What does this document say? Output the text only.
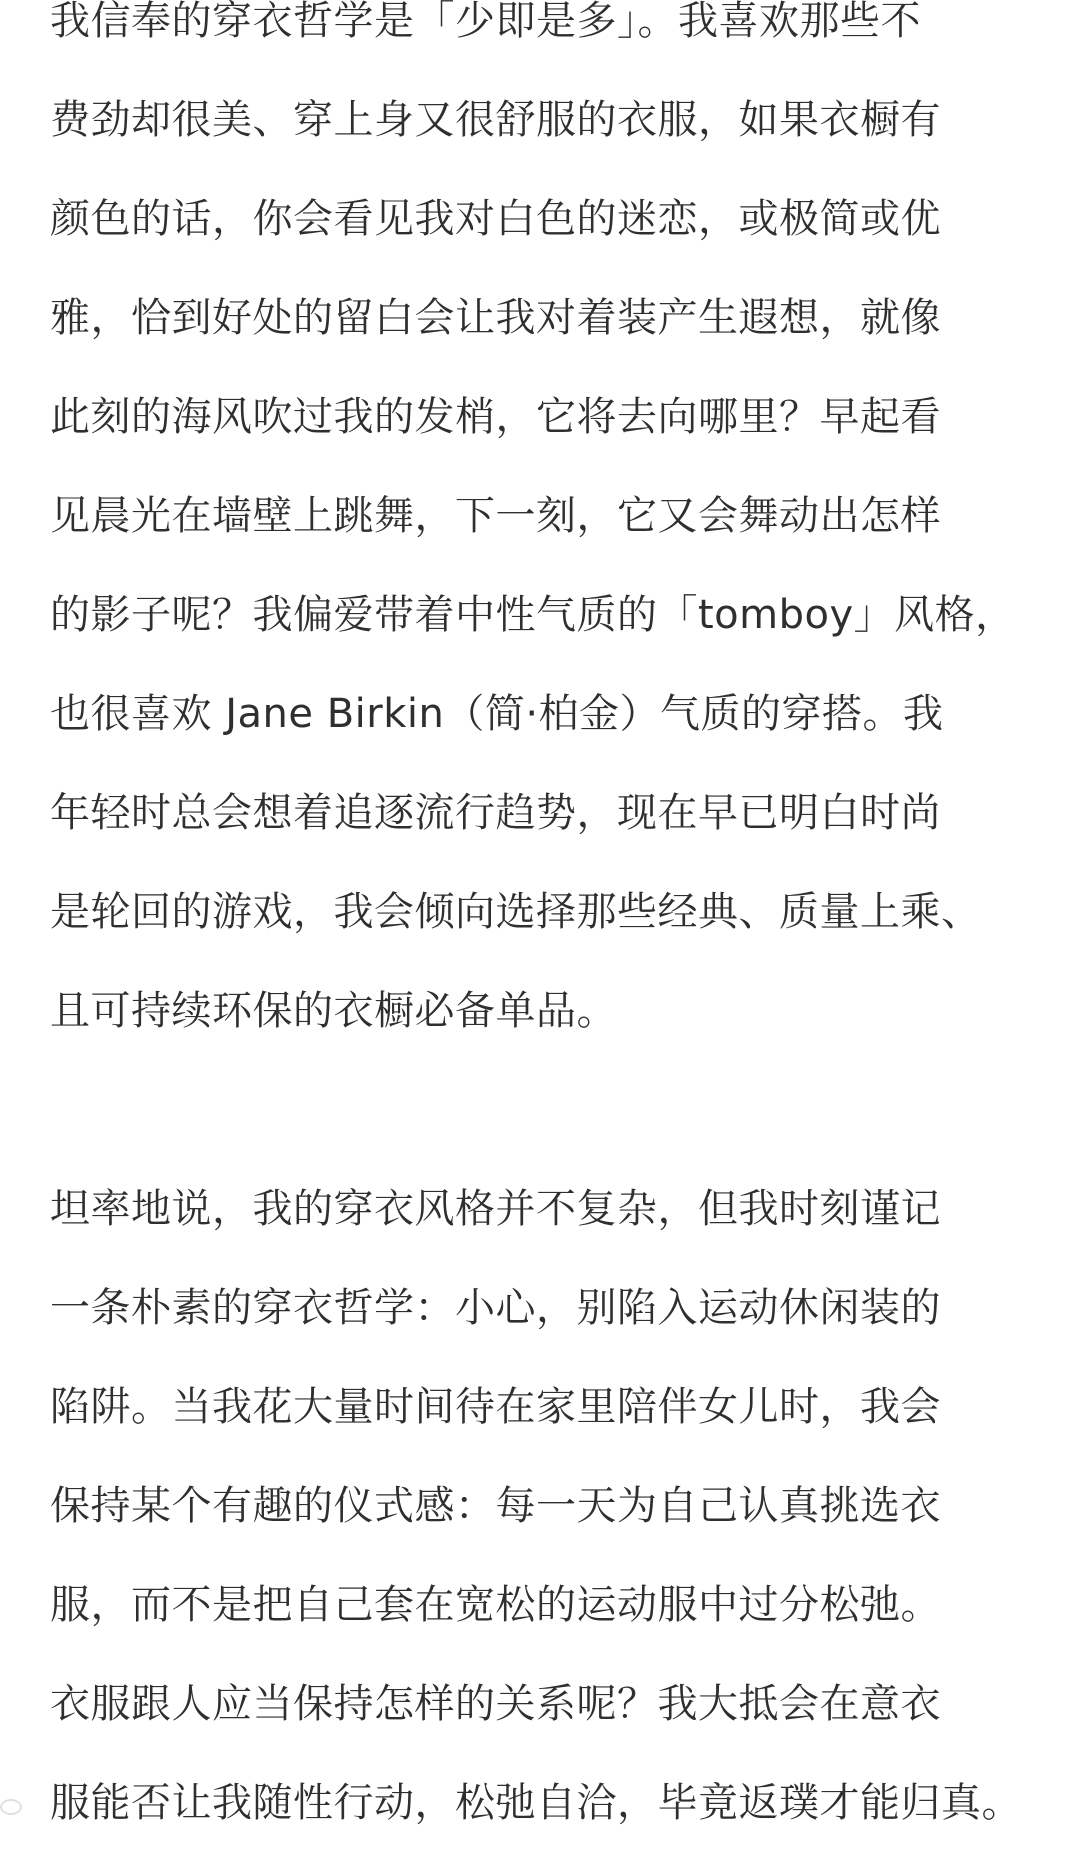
我信奉的穿衣哲学是「少即是多」。我喜欢那些不
费劲却很美、穿上身又很舒服的衣服，如果衣橱有
颜色的话，你会看见我对白色的迷恋，或极简或优
雅，恰到好处的留白会让我对着装产生遐想，就像
此刻的海风吹过我的发梢，它将去向哪里？早起看
见晨光在墙壁上跳舞，下一刻，它又会舞动出怎样
的影子呢？我偏爱带着中性气质的「tomboy」风格，
也很喜欢 Jane Birkin（简·柏金）气质的穿搭。我
年轻时总会想着追逐流行趋势，现在早已明白时尚
是轮回的游戏，我会倾向选择那些经典、质量上乘、
且可持续环保的衣橱必备单品。
坦率地说，我的穿衣风格并不复杂，但我时刻谨记
一条朴素的穿衣哲学：小心，别陷入运动休闲装的
陷阱。当我花大量时间待在家里陪伴女儿时，我会
保持某个有趣的仪式感：每一天为自己认真挑选衣
服，而不是把自己套在宽松的运动服中过分松弛。
衣服跟人应当保持怎样的关系呢？我大抵会在意衣
服能否让我随性行动，松弛自洽，毕竟返璞才能归真。
